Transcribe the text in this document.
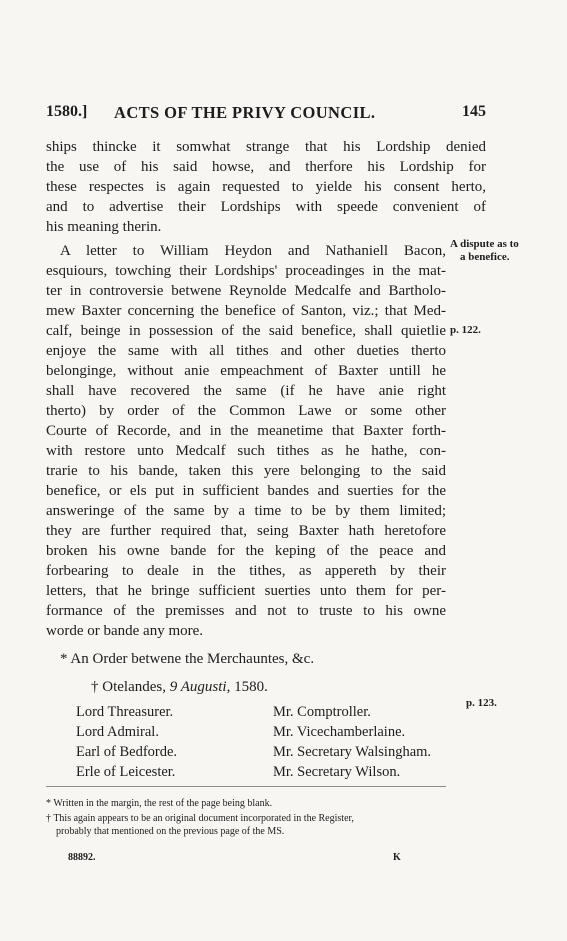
1580.] ACTS OF THE PRIVY COUNCIL.	145
ships thincke it somwhat strange that his Lordship denied
the use of his said howse, and therfore his Lordship for
these respectes is again requested to yielde his consent herto,
and to advertise their Lordships with speede convenient of
his meaning therin.
A letter to William Heydon and Nathaniell Bacon,
esquiours, towching their Lordships' proceadinges in the mat-
ter in controversie betwene Reynolde Medcalfe and Bartholo-
mew Baxter concerning the benefice of Santon, viz.; that Med-
calf, beinge in possession of the said benefice, shall quietlie
enjoye the same with all tithes and other dueties therto
belonginge, without anie empeachment of Baxter untill he
shall have recovered the same (if he have anie right
therto) by order of the Common Lawe or some other
Courte of Recorde, and in the meanetime that Baxter forth-
with restore unto Medcalf such tithes as he hathe, con-
trarie to his bande, taken this yere belonging to the said
benefice, or els put in sufficient bandes and suerties for the
answeringe of the same by a time to be by them limited;
they are further required that, seing Baxter hath heretofore
broken his owne bande for the keping of the peace and
forbearing to deale in the tithes, as appereth by their
letters, that he bringe sufficient suerties unto them for per-
formance of the premisses and not to truste to his owne
worde or bande any more.
A dispute as to
a benefice.
p. 122.
p. 123.
* An Order betwene the Merchauntes, &c.
† Otelandes, 9 Augusti, 1580.
Lord Threasurer.
Lord Admiral.
Earl of Bedforde.
Erle of Leicester.
Mr. Comptroller.
Mr. Vicechamberlaine.
Mr. Secretary Walsingham.
Mr. Secretary Wilson.
* Written in the margin, the rest of the page being blank.
† This again appears to be an original document incorporated in the Register,
probably that mentioned on the previous page of the MS.
88892.	K
